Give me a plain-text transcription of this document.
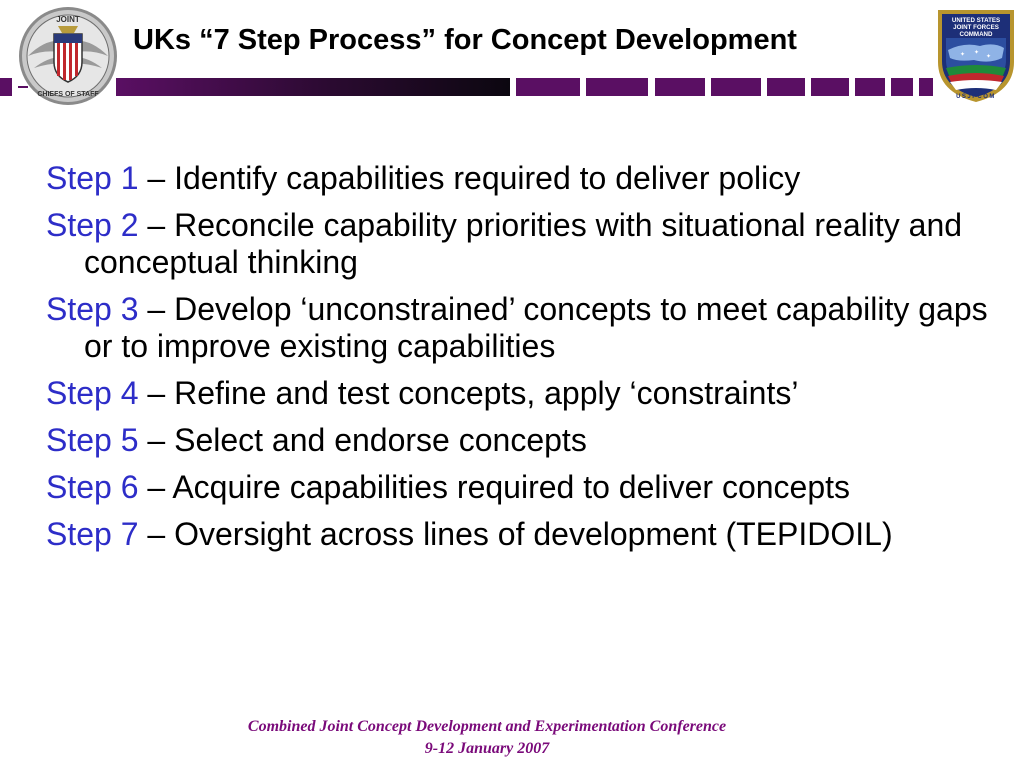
JOINT
CHIEFS OF STAFF
UKs “7 Step Process” for Concept Development	✦ ✦
✦
UNITED STATES
JOINT FORCES
COMMAND
USJFCOM
Step 1 – Identify capabilities required to deliver policy
Step 2 – Reconcile capability priorities with situational reality and conceptual thinking
Step 3 – Develop ‘unconstrained’ concepts to meet capability gaps or to improve existing capabilities
Step 4 – Refine and test concepts, apply ‘constraints’
Step 5 – Select and endorse concepts
Step 6 – Acquire capabilities required to deliver concepts
Step 7 – Oversight across lines of development (TEPIDOIL)
Combined Joint Concept Development and Experimentation Conference
9-12 January 2007
